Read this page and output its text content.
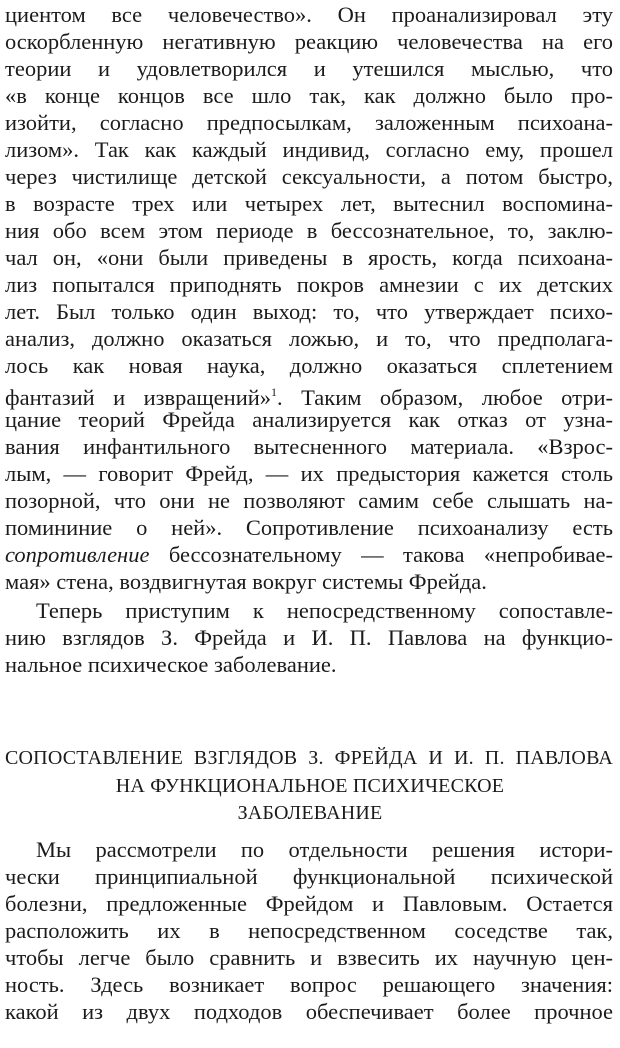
циентом все человечество». Он проанализировал эту
оскорбленную негативную реакцию человечества на его
теории и удовлетворился и утешился мыслью, что
«в конце концов все шло так, как должно было про-
изойти, согласно предпосылкам, заложенным психоана-
лизом». Так как каждый индивид, согласно ему, прошел
через чистилище детской сексуальности, а потом быстро,
в возрасте трех или четырех лет, вытеснил воспомина-
ния обо всем этом периоде в бессознательное, то, заклю-
чал он, «они были приведены в ярость, когда психоана-
лиз попытался приподнять покров амнезии с их детских
лет. Был только один выход: то, что утверждает психо-
анализ, должно оказаться ложью, и то, что предполага-
лось как новая наука, должно оказаться сплетением
фантазий и извращений»$^1$. Таким образом, любое отри-
цание теорий Фрейда анализируется как отказ от узна-
вания инфантильного вытесненного материала. «Взрос-
лым, — говорит Фрейд, — их предыстория кажется столь
позорной, что они не позволяют самим себе слышать на-
помининие о ней». Сопротивление психоанализу есть
сопротивление бессознательному — такова «непробивае-
мая» стена, воздвигнутая вокруг системы Фрейда.
Теперь приступим к непосредственному сопоставле-
нию взглядов З. Фрейда и И. П. Павлова на функцио-
нальное психическое заболевание.
СОПОСТАВЛЕНИЕ ВЗГЛЯДОВ З. ФРЕЙДА И И. П. ПАВЛОВА
НА ФУНКЦИОНАЛЬНОЕ ПСИХИЧЕСКОЕ
ЗАБОЛЕВАНИЕ
Мы рассмотрели по отдельности решения истори-
чески принципиальной функциональной психической
болезни, предложенные Фрейдом и Павловым. Остается
расположить их в непосредственном соседстве так,
чтобы легче было сравнить и взвесить их научную цен-
ность. Здесь возникает вопрос решающего значения:
какой из двух подходов обеспечивает более прочное
